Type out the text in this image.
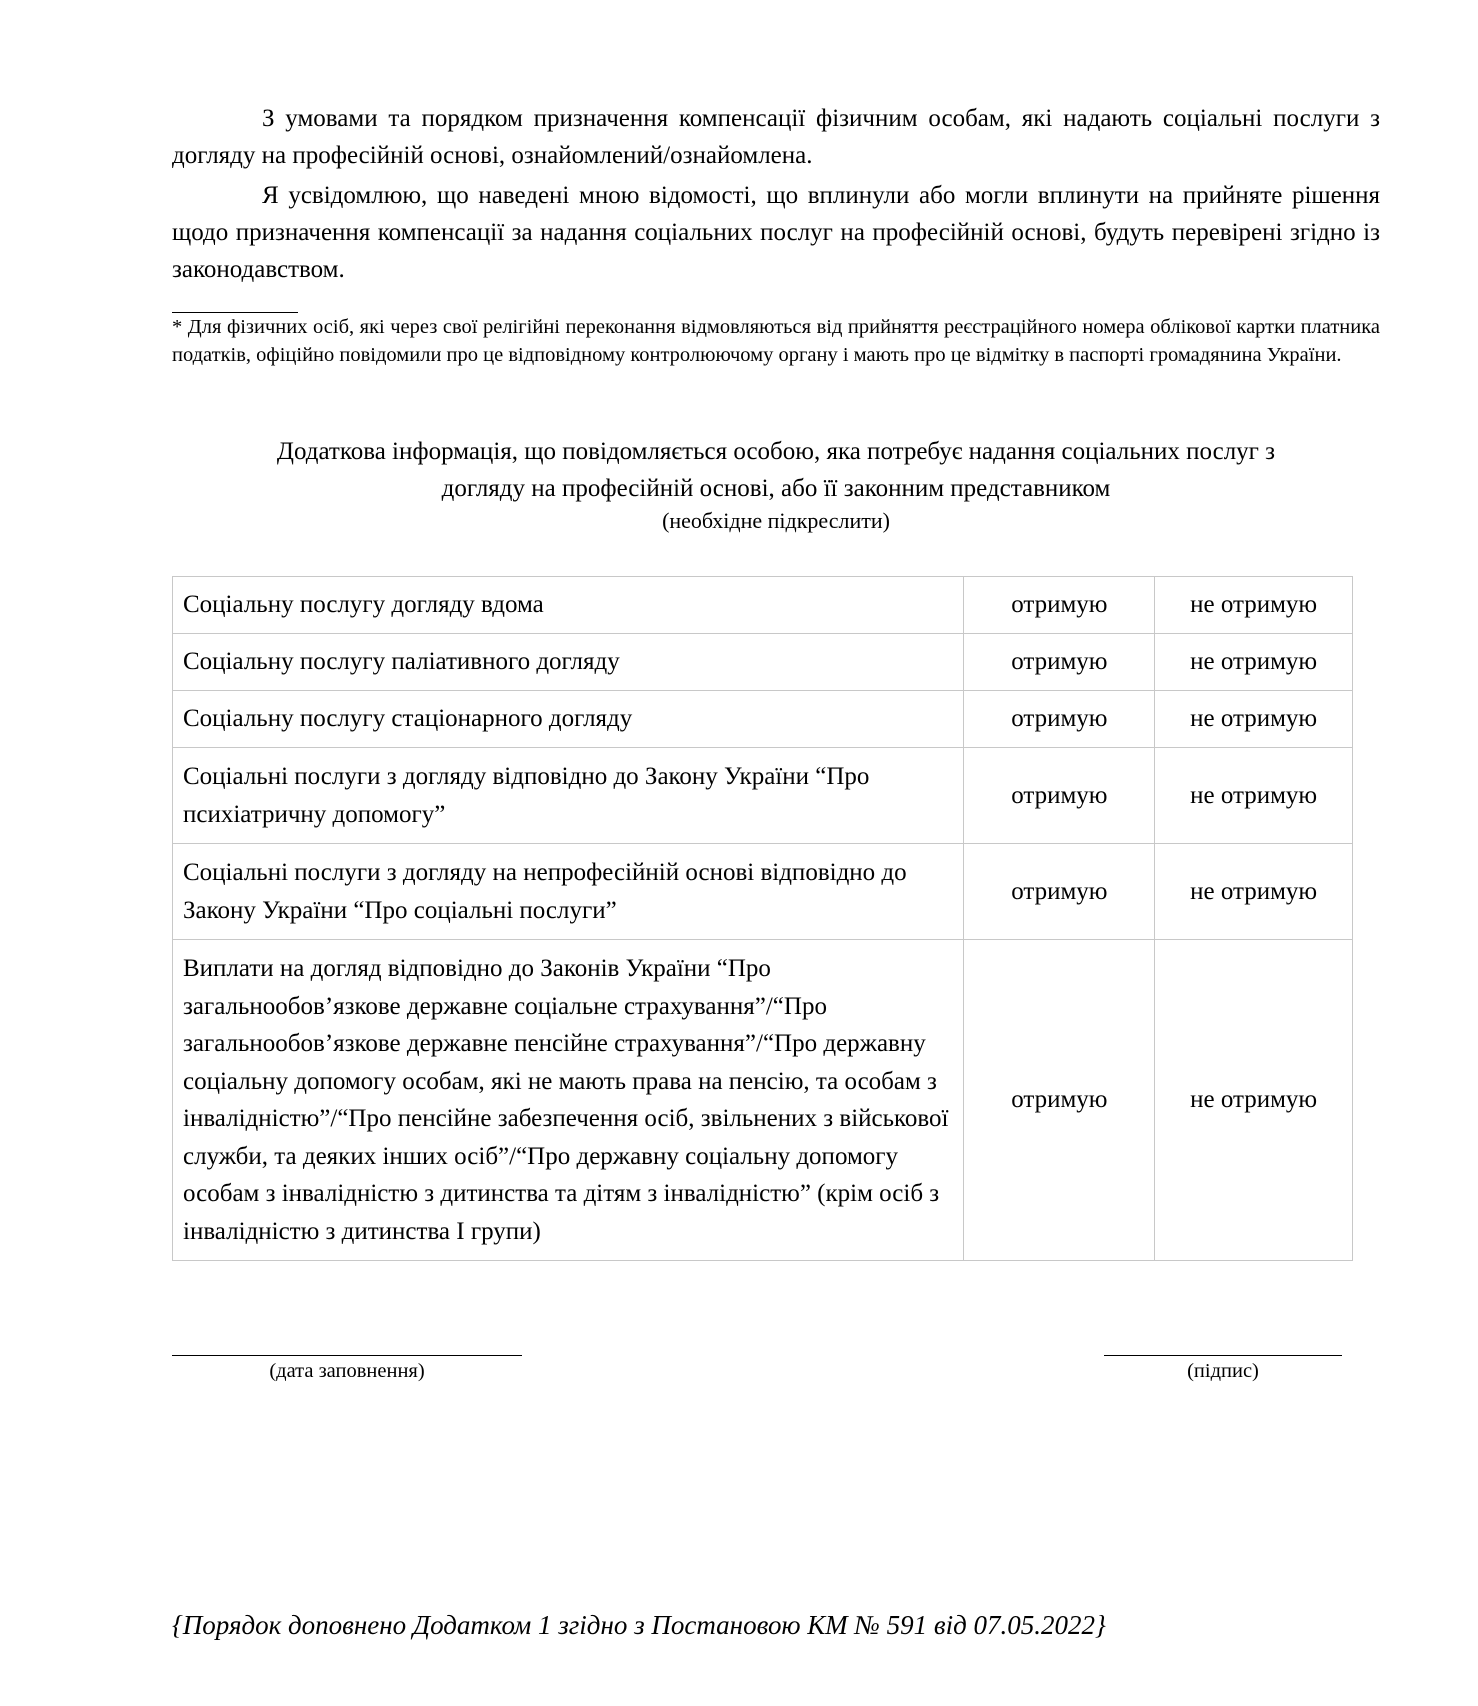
З умовами та порядком призначення компенсації фізичним особам, які надають соціальні послуги з догляду на професійній основі, ознайомлений/ознайомлена.
Я усвідомлюю, що наведені мною відомості, що вплинули або могли вплинути на прийняте рішення щодо призначення компенсації за надання соціальних послуг на професійній основі, будуть перевірені згідно із законодавством.
* Для фізичних осіб, які через свої релігійні переконання відмовляються від прийняття реєстраційного номера облікової картки платника податків, офіційно повідомили про це відповідному контролюючому органу і мають про це відмітку в паспорті громадянина України.
Додаткова інформація, що повідомляється особою, яка потребує надання соціальних послуг з
догляду на професійній основі, або її законним представником
(необхідне підкреслити)
Соціальну послугу догляду вдома	отримую	не отримую
Соціальну послугу паліативного догляду	отримую	не отримую
Соціальну послугу стаціонарного догляду	отримую	не отримую
Соціальні послуги з догляду відповідно до Закону України “Про психіатричну допомогу”	отримую	не отримую
Соціальні послуги з догляду на непрофесійній основі відповідно до Закону України “Про соціальні послуги”	отримую	не отримую
Виплати на догляд відповідно до Законів України “Про загальнообов’язкове державне соціальне страхування”/“Про загальнообов’язкове державне пенсійне страхування”/“Про державну соціальну допомогу особам, які не мають права на пенсію, та особам з інвалідністю”/“Про пенсійне забезпечення осіб, звільнених з військової служби, та деяких інших осіб”/“Про державну соціальну допомогу особам з інвалідністю з дитинства та дітям з інвалідністю” (крім осіб з інвалідністю з дитинства І групи)	отримую	не отримую
(дата заповнення)	(підпис)
{Порядок доповнено Додатком 1 згідно з Постановою КМ № 591 від 07.05.2022}
